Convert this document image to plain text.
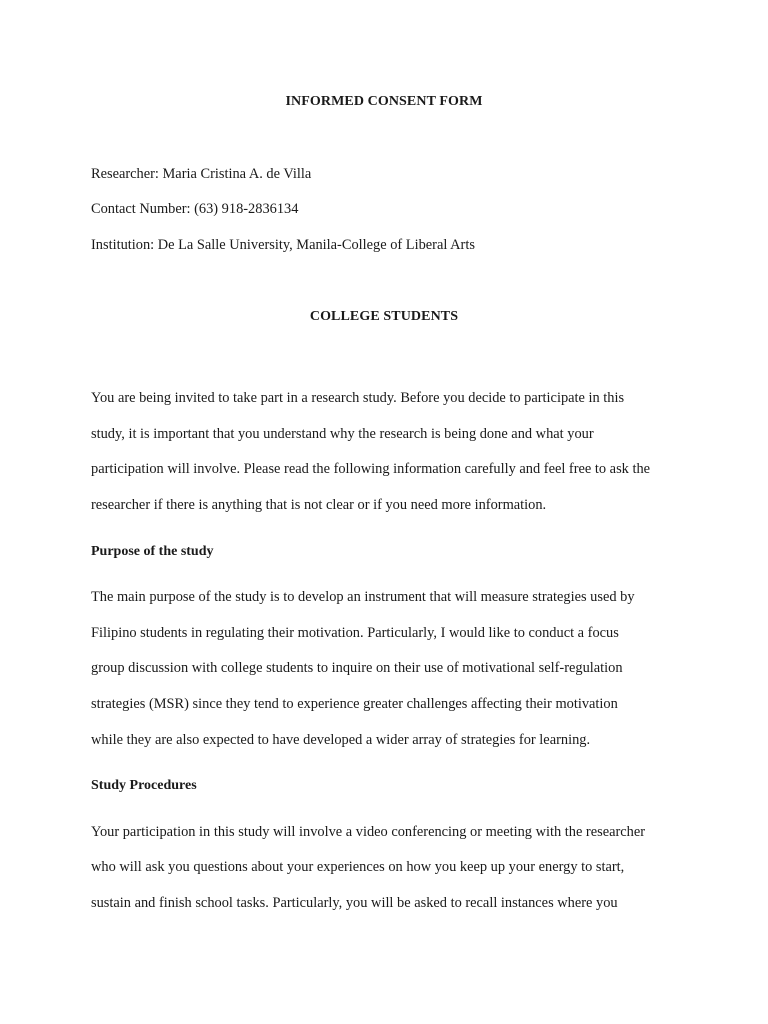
INFORMED CONSENT FORM
Researcher: Maria Cristina A. de Villa
Contact Number: (63) 918-2836134
Institution: De La Salle University, Manila-College of Liberal Arts
COLLEGE STUDENTS
You are being invited to take part in a research study. Before you decide to participate in this
study, it is important that you understand why the research is being done and what your
participation will involve. Please read the following information carefully and feel free to ask the
researcher if there is anything that is not clear or if you need more information.
Purpose of the study
The main purpose of the study is to develop an instrument that will measure strategies used by
Filipino students in regulating their motivation. Particularly, I would like to conduct a focus
group discussion with college students to inquire on their use of motivational self-regulation
strategies (MSR) since they tend to experience greater challenges affecting their motivation
while they are also expected to have developed a wider array of strategies for learning.
Study Procedures
Your participation in this study will involve a video conferencing or meeting with the researcher
who will ask you questions about your experiences on how you keep up your energy to start,
sustain and finish school tasks. Particularly, you will be asked to recall instances where you
